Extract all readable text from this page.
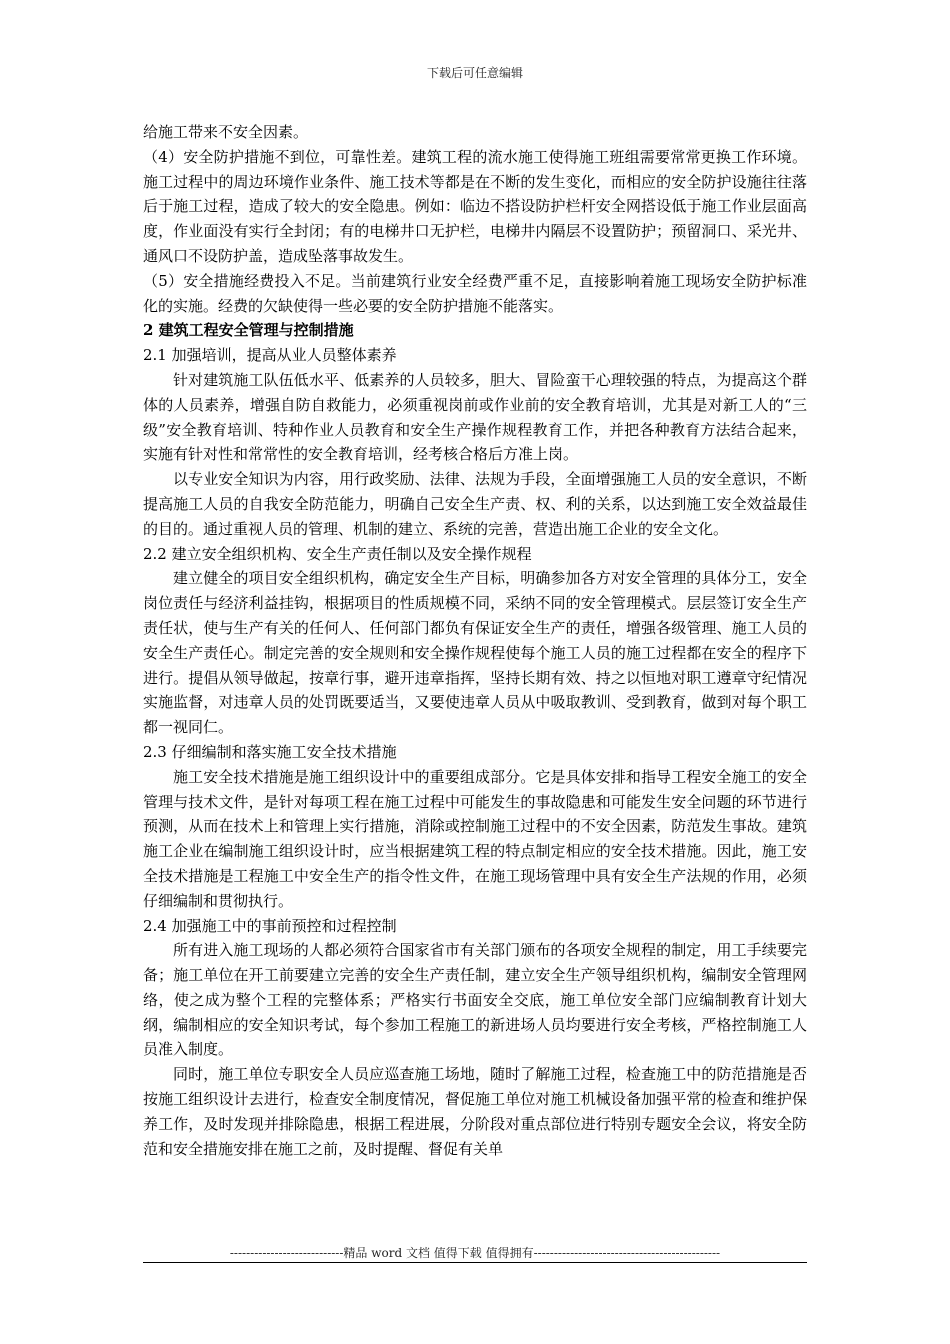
下载后可任意编辑

给施工带来不安全因素。

（4）安全防护措施不到位，可靠性差。建筑工程的流水施工使得施工班组需要常常更换工作环境。施工过程中的周边环境作业条件、施工技术等都是在不断的发生变化，而相应的安全防护设施往往落后于施工过程，造成了较大的安全隐患。例如：临边不搭设防护栏杆安全网搭设低于施工作业层面高度，作业面没有实行全封闭；有的电梯井口无护栏，电梯井内隔层不设置防护；预留洞口、采光井、通风口不设防护盖，造成坠落事故发生。

（5）安全措施经费投入不足。当前建筑行业安全经费严重不足，直接影响着施工现场安全防护标准化的实施。经费的欠缺使得一些必要的安全防护措施不能落实。

2 建筑工程安全管理与控制措施

2.1 加强培训，提高从业人员整体素养

针对建筑施工队伍低水平、低素养的人员较多，胆大、冒险蛮干心理较强的特点，为提高这个群体的人员素养，增强自防自救能力，必须重视岗前或作业前的安全教育培训，尤其是对新工人的“三级”安全教育培训、特种作业人员教育和安全生产操作规程教育工作，并把各种教育方法结合起来，实施有针对性和常常性的安全教育培训，经考核合格后方准上岗。

以专业安全知识为内容，用行政奖励、法律、法规为手段，全面增强施工人员的安全意识，不断提高施工人员的自我安全防范能力，明确自己安全生产责、权、利的关系，以达到施工安全效益最佳的目的。通过重视人员的管理、机制的建立、系统的完善，营造出施工企业的安全文化。

2.2 建立安全组织机构、安全生产责任制以及安全操作规程

建立健全的项目安全组织机构，确定安全生产目标，明确参加各方对安全管理的具体分工，安全岗位责任与经济利益挂钩，根据项目的性质规模不同，采纳不同的安全管理模式。层层签订安全生产责任状，使与生产有关的任何人、任何部门都负有保证安全生产的责任，增强各级管理、施工人员的安全生产责任心。制定完善的安全规则和安全操作规程使每个施工人员的施工过程都在安全的程序下进行。提倡从领导做起，按章行事，避开违章指挥，坚持长期有效、持之以恒地对职工遵章守纪情况实施监督，对违章人员的处罚既要适当，又要使违章人员从中吸取教训、受到教育，做到对每个职工都一视同仁。

2.3 仔细编制和落实施工安全技术措施

施工安全技术措施是施工组织设计中的重要组成部分。它是具体安排和指导工程安全施工的安全管理与技术文件，是针对每项工程在施工过程中可能发生的事故隐患和可能发生安全问题的环节进行预测，从而在技术上和管理上实行措施，消除或控制施工过程中的不安全因素，防范发生事故。建筑施工企业在编制施工组织设计时，应当根据建筑工程的特点制定相应的安全技术措施。因此，施工安全技术措施是工程施工中安全生产的指令性文件，在施工现场管理中具有安全生产法规的作用，必须仔细编制和贯彻执行。

2.4 加强施工中的事前预控和过程控制

所有进入施工现场的人都必须符合国家省市有关部门颁布的各项安全规程的制定，用工手续要完备；施工单位在开工前要建立完善的安全生产责任制，建立安全生产领导组织机构，编制安全管理网络，使之成为整个工程的完整体系；严格实行书面安全交底，施工单位安全部门应编制教育计划大纲，编制相应的安全知识考试，每个参加工程施工的新进场人员均要进行安全考核，严格控制施工人员准入制度。

同时，施工单位专职安全人员应巡查施工场地，随时了解施工过程，检查施工中的防范措施是否按施工组织设计去进行，检查安全制度情况，督促施工单位对施工机械设备加强平常的检查和维护保养工作，及时发现并排除隐患，根据工程进展，分阶段对重点部位进行特别专题安全会议，将安全防范和安全措施安排在施工之前，及时提醒、督促有关单

----------------------------精品 word 文档 值得下载 值得拥有----------------------------------------------
